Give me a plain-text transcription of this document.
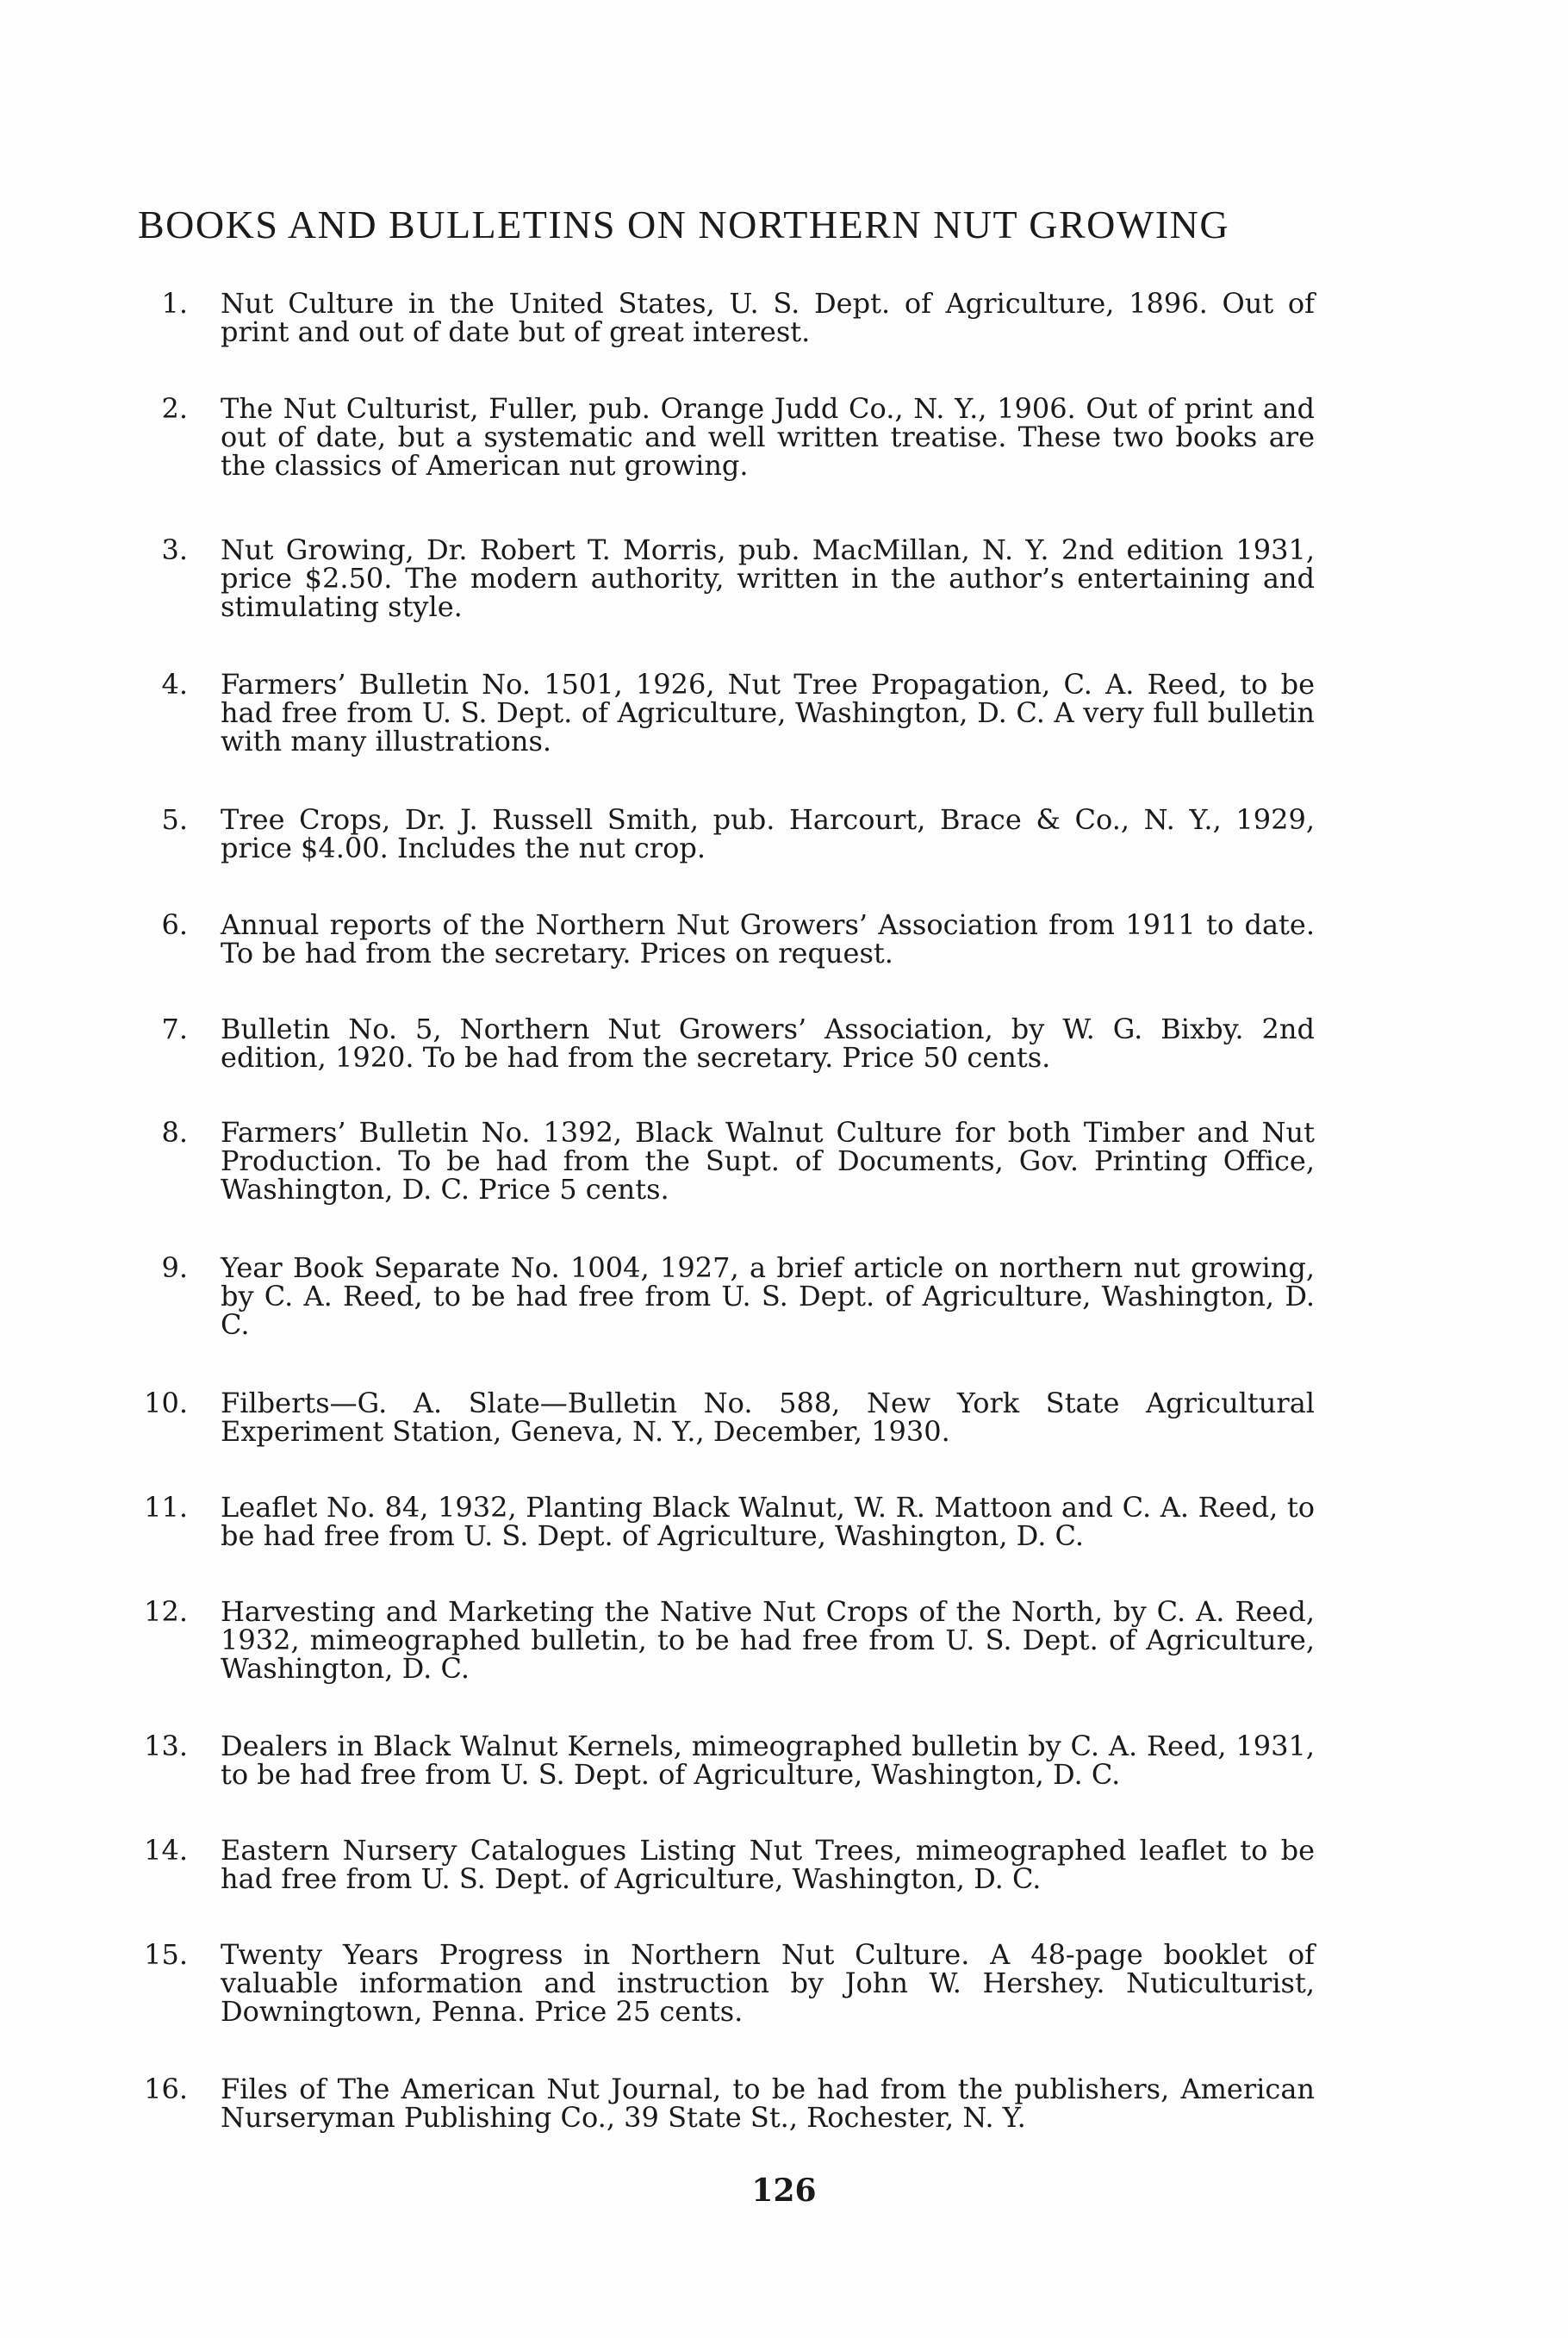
BOOKS AND BULLETINS ON NORTHERN NUT GROWING
1. Nut Culture in the United States, U. S. Dept. of Agriculture, 1896. Out of print and out of date but of great interest.
2. The Nut Culturist, Fuller, pub. Orange Judd Co., N. Y., 1906. Out of print and out of date, but a systematic and well written treatise. These two books are the classics of American nut growing.
3. Nut Growing, Dr. Robert T. Morris, pub. MacMillan, N. Y. 2nd edition 1931, price $2.50. The modern authority, written in the author’s entertaining and stimulating style.
4. Farmers’ Bulletin No. 1501, 1926, Nut Tree Propagation, C. A. Reed, to be had free from U. S. Dept. of Agriculture, Washington, D. C. A very full bulletin with many illustrations.
5. Tree Crops, Dr. J. Russell Smith, pub. Harcourt, Brace & Co., N. Y., 1929, price $4.00. Includes the nut crop.
6. Annual reports of the Northern Nut Growers’ Association from 1911 to date. To be had from the secretary. Prices on request.
7. Bulletin No. 5, Northern Nut Growers’ Association, by W. G. Bixby. 2nd edition, 1920. To be had from the secretary. Price 50 cents.
8. Farmers’ Bulletin No. 1392, Black Walnut Culture for both Timber and Nut Production. To be had from the Supt. of Documents, Gov. Printing Office, Washington, D. C. Price 5 cents.
9. Year Book Separate No. 1004, 1927, a brief article on northern nut growing, by C. A. Reed, to be had free from U. S. Dept. of Agriculture, Washington, D. C.
10. Filberts—G. A. Slate—Bulletin No. 588, New York State Agricultural Experiment Station, Geneva, N. Y., December, 1930.
11. Leaflet No. 84, 1932, Planting Black Walnut, W. R. Mattoon and C. A. Reed, to be had free from U. S. Dept. of Agriculture, Washington, D. C.
12. Harvesting and Marketing the Native Nut Crops of the North, by C. A. Reed, 1932, mimeographed bulletin, to be had free from U. S. Dept. of Agriculture, Washington, D. C.
13. Dealers in Black Walnut Kernels, mimeographed bulletin by C. A. Reed, 1931, to be had free from U. S. Dept. of Agriculture, Washington, D. C.
14. Eastern Nursery Catalogues Listing Nut Trees, mimeographed leaflet to be had free from U. S. Dept. of Agriculture, Washington, D. C.
15. Twenty Years Progress in Northern Nut Culture. A 48-page booklet of valuable information and instruction by John W. Hershey. Nuticulturist, Downingtown, Penna. Price 25 cents.
16. Files of The American Nut Journal, to be had from the publishers, American Nurseryman Publishing Co., 39 State St., Rochester, N. Y.
126
